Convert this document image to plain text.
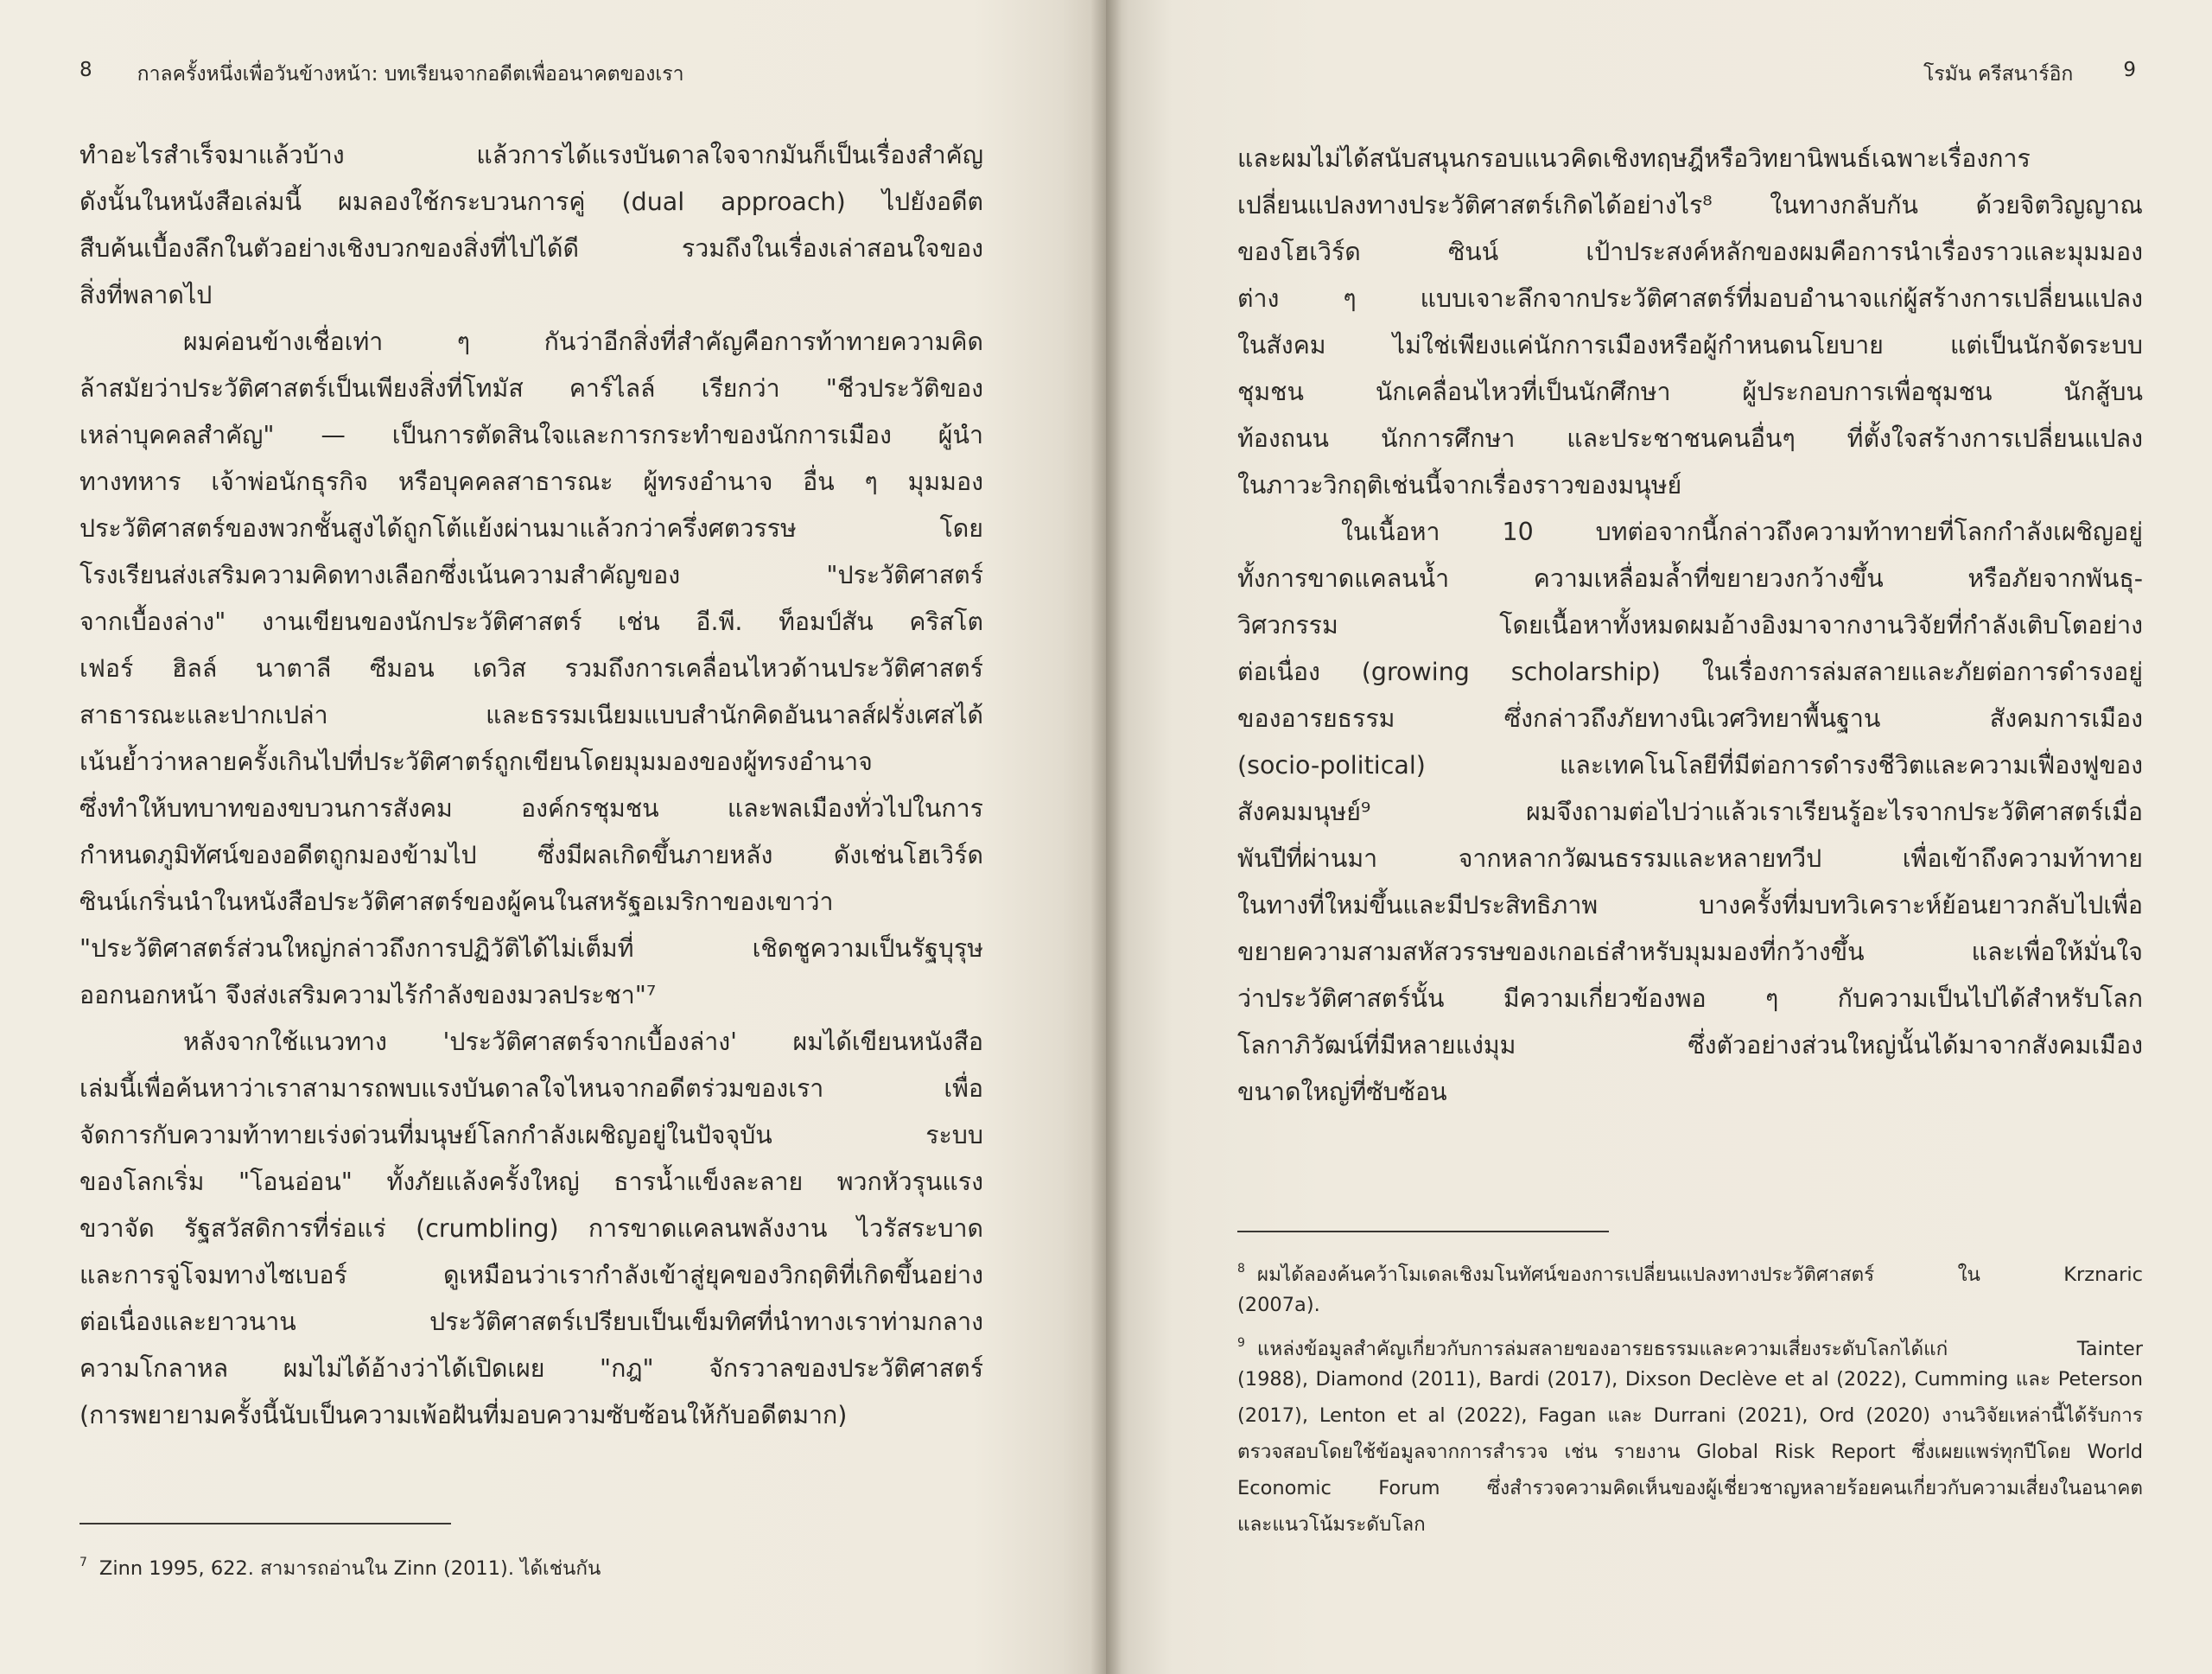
8 กาลครั้งหนึ่งเพื่อวันข้างหน้า: บทเรียนจากอดีตเพื่ออนาคตของเรา
ทำอะไรสำเร็จมาแล้วบ้าง แล้วการได้แรงบันดาลใจจากมันก็เป็นเรื่องสำคัญ
ดังนั้นในหนังสือเล่มนี้ ผมลองใช้กระบวนการคู่ (dual approach) ไปยังอดีต
สืบค้นเบื้องลึกในตัวอย่างเชิงบวกของสิ่งที่ไปได้ดี รวมถึงในเรื่องเล่าสอนใจของ
สิ่งที่พลาดไป
ผมค่อนข้างเชื่อเท่า ๆ กันว่าอีกสิ่งที่สำคัญคือการท้าทายความคิด
ล้าสมัยว่าประวัติศาสตร์เป็นเพียงสิ่งที่โทมัส คาร์ไลล์ เรียกว่า "ชีวประวัติของ
เหล่าบุคคลสำคัญ" — เป็นการตัดสินใจและการกระทำของนักการเมือง ผู้นำ
ทางทหาร เจ้าพ่อนักธุรกิจ หรือบุคคลสาธารณะ ผู้ทรงอำนาจ อื่น ๆ มุมมอง
ประวัติศาสตร์ของพวกชั้นสูงได้ถูกโต้แย้งผ่านมาแล้วกว่าครึ่งศตวรรษ โดย
โรงเรียนส่งเสริมความคิดทางเลือกซึ่งเน้นความสำคัญของ "ประวัติศาสตร์
จากเบื้องล่าง" งานเขียนของนักประวัติศาสตร์ เช่น อี.พี. ท็อมป์สัน คริสโต
เฟอร์ ฮิลล์ นาตาลี ซีมอน เดวิส รวมถึงการเคลื่อนไหวด้านประวัติศาสตร์
สาธารณะและปากเปล่า และธรรมเนียมแบบสำนักคิดอันนาลส์ฝรั่งเศสได้
เน้นย้ำว่าหลายครั้งเกินไปที่ประวัติศาตร์ถูกเขียนโดยมุมมองของผู้ทรงอำนาจ
ซึ่งทำให้บทบาทของขบวนการสังคม องค์กรชุมชน และพลเมืองทั่วไปในการ
กำหนดภูมิทัศน์ของอดีตถูกมองข้ามไป ซึ่งมีผลเกิดขึ้นภายหลัง ดังเช่นโฮเวิร์ด
ซินน์เกริ่นนำในหนังสือประวัติศาสตร์ของผู้คนในสหรัฐอเมริกาของเขาว่า
"ประวัติศาสตร์ส่วนใหญ่กล่าวถึงการปฏิวัติได้ไม่เต็มที่ เชิดชูความเป็นรัฐบุรุษ
ออกนอกหน้า จึงส่งเสริมความไร้กำลังของมวลประชา"⁷
หลังจากใช้แนวทาง 'ประวัติศาสตร์จากเบื้องล่าง' ผมได้เขียนหนังสือ
เล่มนี้เพื่อค้นหาว่าเราสามารถพบแรงบันดาลใจไหนจากอดีตร่วมของเรา เพื่อ
จัดการกับความท้าทายเร่งด่วนที่มนุษย์โลกกำลังเผชิญอยู่ในปัจจุบัน ระบบ
ของโลกเริ่ม "โอนอ่อน" ทั้งภัยแล้งครั้งใหญ่ ธารน้ำแข็งละลาย พวกหัวรุนแรง
ขวาจัด รัฐสวัสดิการที่ร่อแร่ (crumbling) การขาดแคลนพลังงาน ไวรัสระบาด
และการจู่โจมทางไซเบอร์ ดูเหมือนว่าเรากำลังเข้าสู่ยุคของวิกฤติที่เกิดขึ้นอย่าง
ต่อเนื่องและยาวนาน ประวัติศาสตร์เปรียบเป็นเข็มทิศที่นำทางเราท่ามกลาง
ความโกลาหล ผมไม่ได้อ้างว่าได้เปิดเผย "กฎ" จักรวาลของประวัติศาสตร์
(การพยายามครั้งนี้นับเป็นความเพ้อฝันที่มอบความซับซ้อนให้กับอดีตมาก)
$^7$ Zinn 1995, 622. สามารถอ่านใน Zinn (2011). ได้เช่นกัน
โรมัน ครีสนาร์อิก	9
และผมไม่ได้สนับสนุนกรอบแนวคิดเชิงทฤษฎีหรือวิทยานิพนธ์เฉพาะเรื่องการ
เปลี่ยนแปลงทางประวัติศาสตร์เกิดได้อย่างไร⁸ ในทางกลับกัน ด้วยจิตวิญญาณ
ของโฮเวิร์ด ซินน์ เป้าประสงค์หลักของผมคือการนำเรื่องราวและมุมมอง
ต่าง ๆ แบบเจาะลึกจากประวัติศาสตร์ที่มอบอำนาจแก่ผู้สร้างการเปลี่ยนแปลง
ในสังคม ไม่ใช่เพียงแค่นักการเมืองหรือผู้กำหนดนโยบาย แต่เป็นนักจัดระบบ
ชุมชน นักเคลื่อนไหวที่เป็นนักศึกษา ผู้ประกอบการเพื่อชุมชน นักสู้บน
ท้องถนน นักการศึกษา และประชาชนคนอื่นๆ ที่ตั้งใจสร้างการเปลี่ยนแปลง
ในภาวะวิกฤติเช่นนี้จากเรื่องราวของมนุษย์
ในเนื้อหา 10 บทต่อจากนี้กล่าวถึงความท้าทายที่โลกกำลังเผชิญอยู่
ทั้งการขาดแคลนน้ำ ความเหลื่อมล้ำที่ขยายวงกว้างขึ้น หรือภัยจากพันธุ-
วิศวกรรม โดยเนื้อหาทั้งหมดผมอ้างอิงมาจากงานวิจัยที่กำลังเติบโตอย่าง
ต่อเนื่อง (growing scholarship) ในเรื่องการล่มสลายและภัยต่อการดำรงอยู่
ของอารยธรรม ซึ่งกล่าวถึงภัยทางนิเวศวิทยาพื้นฐาน สังคมการเมือง
(socio-political) และเทคโนโลยีที่มีต่อการดำรงชีวิตและความเฟื่องฟูของ
สังคมมนุษย์⁹ ผมจึงถามต่อไปว่าแล้วเราเรียนรู้อะไรจากประวัติศาสตร์เมื่อ
พันปีที่ผ่านมา จากหลากวัฒนธรรมและหลายทวีป เพื่อเข้าถึงความท้าทาย
ในทางที่ใหม่ขึ้นและมีประสิทธิภาพ บางครั้งที่มบทวิเคราะห์ย้อนยาวกลับไปเพื่อ
ขยายความสามสหัสวรรษของเกอเธ่สำหรับมุมมองที่กว้างขึ้น และเพื่อให้มั่นใจ
ว่าประวัติศาสตร์นั้น มีความเกี่ยวข้องพอ ๆ กับความเป็นไปได้สำหรับโลก
โลกาภิวัฒน์ที่มีหลายแง่มุม ซึ่งตัวอย่างส่วนใหญ่นั้นได้มาจากสังคมเมือง
ขนาดใหญ่ที่ซับซ้อน
$^8$ ผมได้ลองค้นคว้าโมเดลเชิงมโนทัศน์ของการเปลี่ยนแปลงทางประวัติศาสตร์ ใน Krznaric
(2007a).
$^9$ แหล่งข้อมูลสำคัญเกี่ยวกับการล่มสลายของอารยธรรมและความเสี่ยงระดับโลกได้แก่ Tainter
(1988), Diamond (2011), Bardi (2017), Dixson Declève et al (2022), Cumming และ Peterson
(2017), Lenton et al (2022), Fagan และ Durrani (2021), Ord (2020) งานวิจัยเหล่านี้ได้รับการ
ตรวจสอบโดยใช้ข้อมูลจากการสำรวจ เช่น รายงาน Global Risk Report ซึ่งเผยแพร่ทุกปีโดย World
Economic Forum ซึ่งสำรวจความคิดเห็นของผู้เชี่ยวชาญหลายร้อยคนเกี่ยวกับความเสี่ยงในอนาคต
และแนวโน้มระดับโลก
